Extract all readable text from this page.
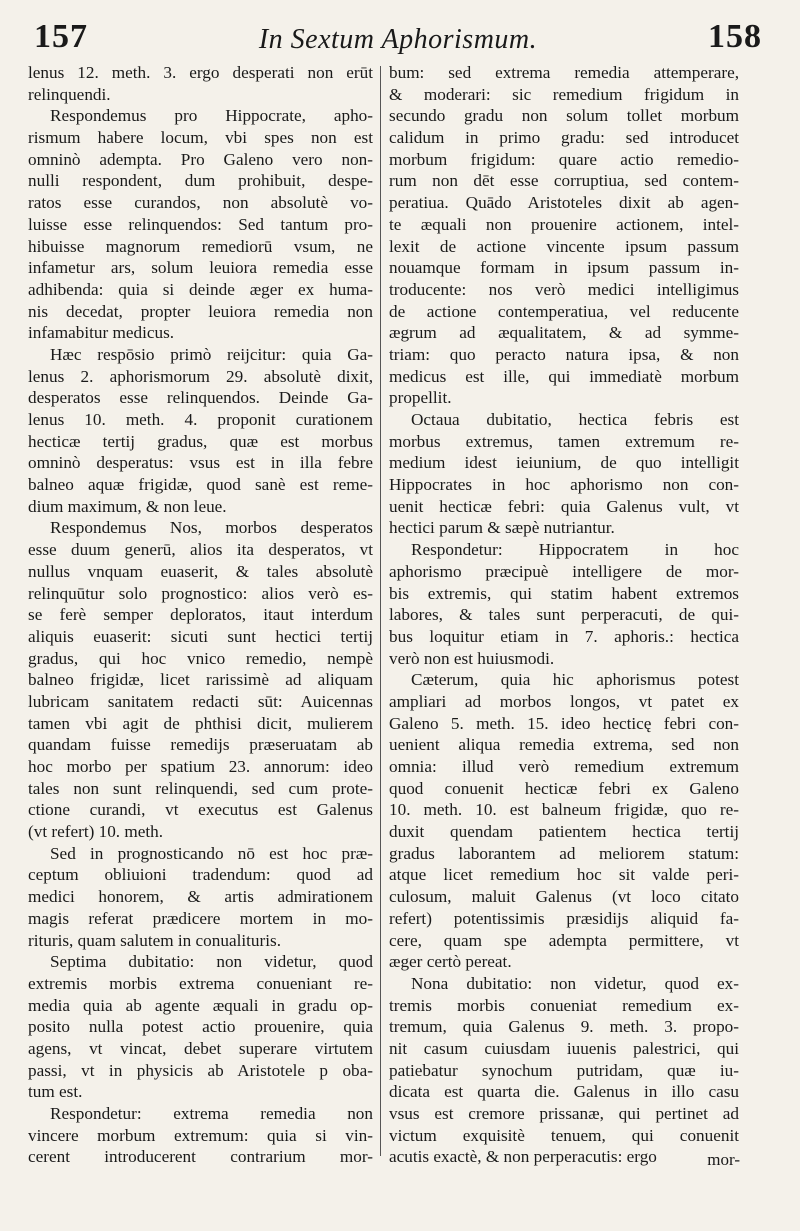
157	In Sextum Aphorismum.	158
lenus 12. meth. 3. ergo desperati non erūt
relinquendi.
Respondemus pro Hippocrate, apho-
rismum habere locum, vbi spes non est
omninò adempta. Pro Galeno vero non-
nulli respondent, dum prohibuit, despe-
ratos esse curandos, non absolutè vo-
luisse esse relinquendos: Sed tantum pro-
hibuisse magnorum remediorū vsum, ne
infametur ars, solum leuiora remedia esse
adhibenda: quia si deinde æger ex huma-
nis decedat, propter leuiora remedia non
infamabitur medicus.
Hæc respōsio primò reijcitur: quia Ga-
lenus 2. aphorismorum 29. absolutè dixit,
desperatos esse relinquendos. Deinde Ga-
lenus 10. meth. 4. proponit curationem
hecticæ tertij gradus, quæ est morbus
omninò desperatus: vsus est in illa febre
balneo aquæ frigidæ, quod sanè est reme-
dium maximum, & non leue.
Respondemus Nos, morbos desperatos
esse duum generū, alios ita desperatos, vt
nullus vnquam euaserit, & tales absolutè
relinquūtur solo prognostico: alios verò es-
se ferè semper deploratos, itaut interdum
aliquis euaserit: sicuti sunt hectici tertij
gradus, qui hoc vnico remedio, nempè
balneo frigidæ, licet rarissimè ad aliquam
lubricam sanitatem redacti sūt: Auicennas
tamen vbi agit de phthisi dicit, mulierem
quandam fuisse remedijs præseruatam ab
hoc morbo per spatium 23. annorum: ideo
tales non sunt relinquendi, sed cum prote-
ctione curandi, vt executus est Galenus
(vt refert) 10. meth.
Sed in prognosticando nō est hoc præ-
ceptum obliuioni tradendum: quod ad
medici honorem, & artis admirationem
magis referat prædicere mortem in mo-
rituris, quam salutem in conualituris.
Septima dubitatio: non videtur, quod
extremis morbis extrema conueniant re-
media quia ab agente æquali in gradu op-
posito nulla potest actio prouenire, quia
agens, vt vincat, debet superare virtutem
passi, vt in physicis ab Aristotele p oba-
tum est.
Respondetur: extrema remedia non
vincere morbum extremum: quia si vin-
cerent introducerent contrarium mor-
bum: sed extrema remedia attemperare,
& moderari: sic remedium frigidum in
secundo gradu non solum tollet morbum
calidum in primo gradu: sed introducet
morbum frigidum: quare actio remedio-
rum non dēt esse corruptiua, sed contem-
peratiua. Quādo Aristoteles dixit ab agen-
te æquali non prouenire actionem, intel-
lexit de actione vincente ipsum passum
nouamque formam in ipsum passum in-
troducente: nos verò medici intelligimus
de actione contemperatiua, vel reducente
ægrum ad æqualitatem, & ad symme-
triam: quo peracto natura ipsa, & non
medicus est ille, qui immediatè morbum
propellit.
Octaua dubitatio, hectica febris est
morbus extremus, tamen extremum re-
medium idest ieiunium, de quo intelligit
Hippocrates in hoc aphorismo non con-
uenit hecticæ febri: quia Galenus vult, vt
hectici parum & sæpè nutriantur.
Respondetur: Hippocratem in hoc
aphorismo præcipuè intelligere de mor-
bis extremis, qui statim habent extremos
labores, & tales sunt perperacuti, de qui-
bus loquitur etiam in 7. aphoris.: hectica
verò non est huiusmodi.
Cæterum, quia hic aphorismus potest
ampliari ad morbos longos, vt patet ex
Galeno 5. meth. 15. ideo hecticę febri con-
uenient aliqua remedia extrema, sed non
omnia: illud verò remedium extremum
quod conuenit hecticæ febri ex Galeno
10. meth. 10. est balneum frigidæ, quo re-
duxit quendam patientem hectica tertij
gradus laborantem ad meliorem statum:
atque licet remedium hoc sit valde peri-
culosum, maluit Galenus (vt loco citato
refert) potentissimis præsidijs aliquid fa-
cere, quam spe adempta permittere, vt
æger certò pereat.
Nona dubitatio: non videtur, quod ex-
tremis morbis conueniat remedium ex-
tremum, quia Galenus 9. meth. 3. propo-
nit casum cuiusdam iuuenis palestrici, qui
patiebatur synochum putridam, quæ iu-
dicata est quarta die. Galenus in illo casu
vsus est cremore prissanæ, qui pertinet ad
victum exquisitè tenuem, qui conuenit
acutis exactè, & non perperacutis: ergo	mor-
